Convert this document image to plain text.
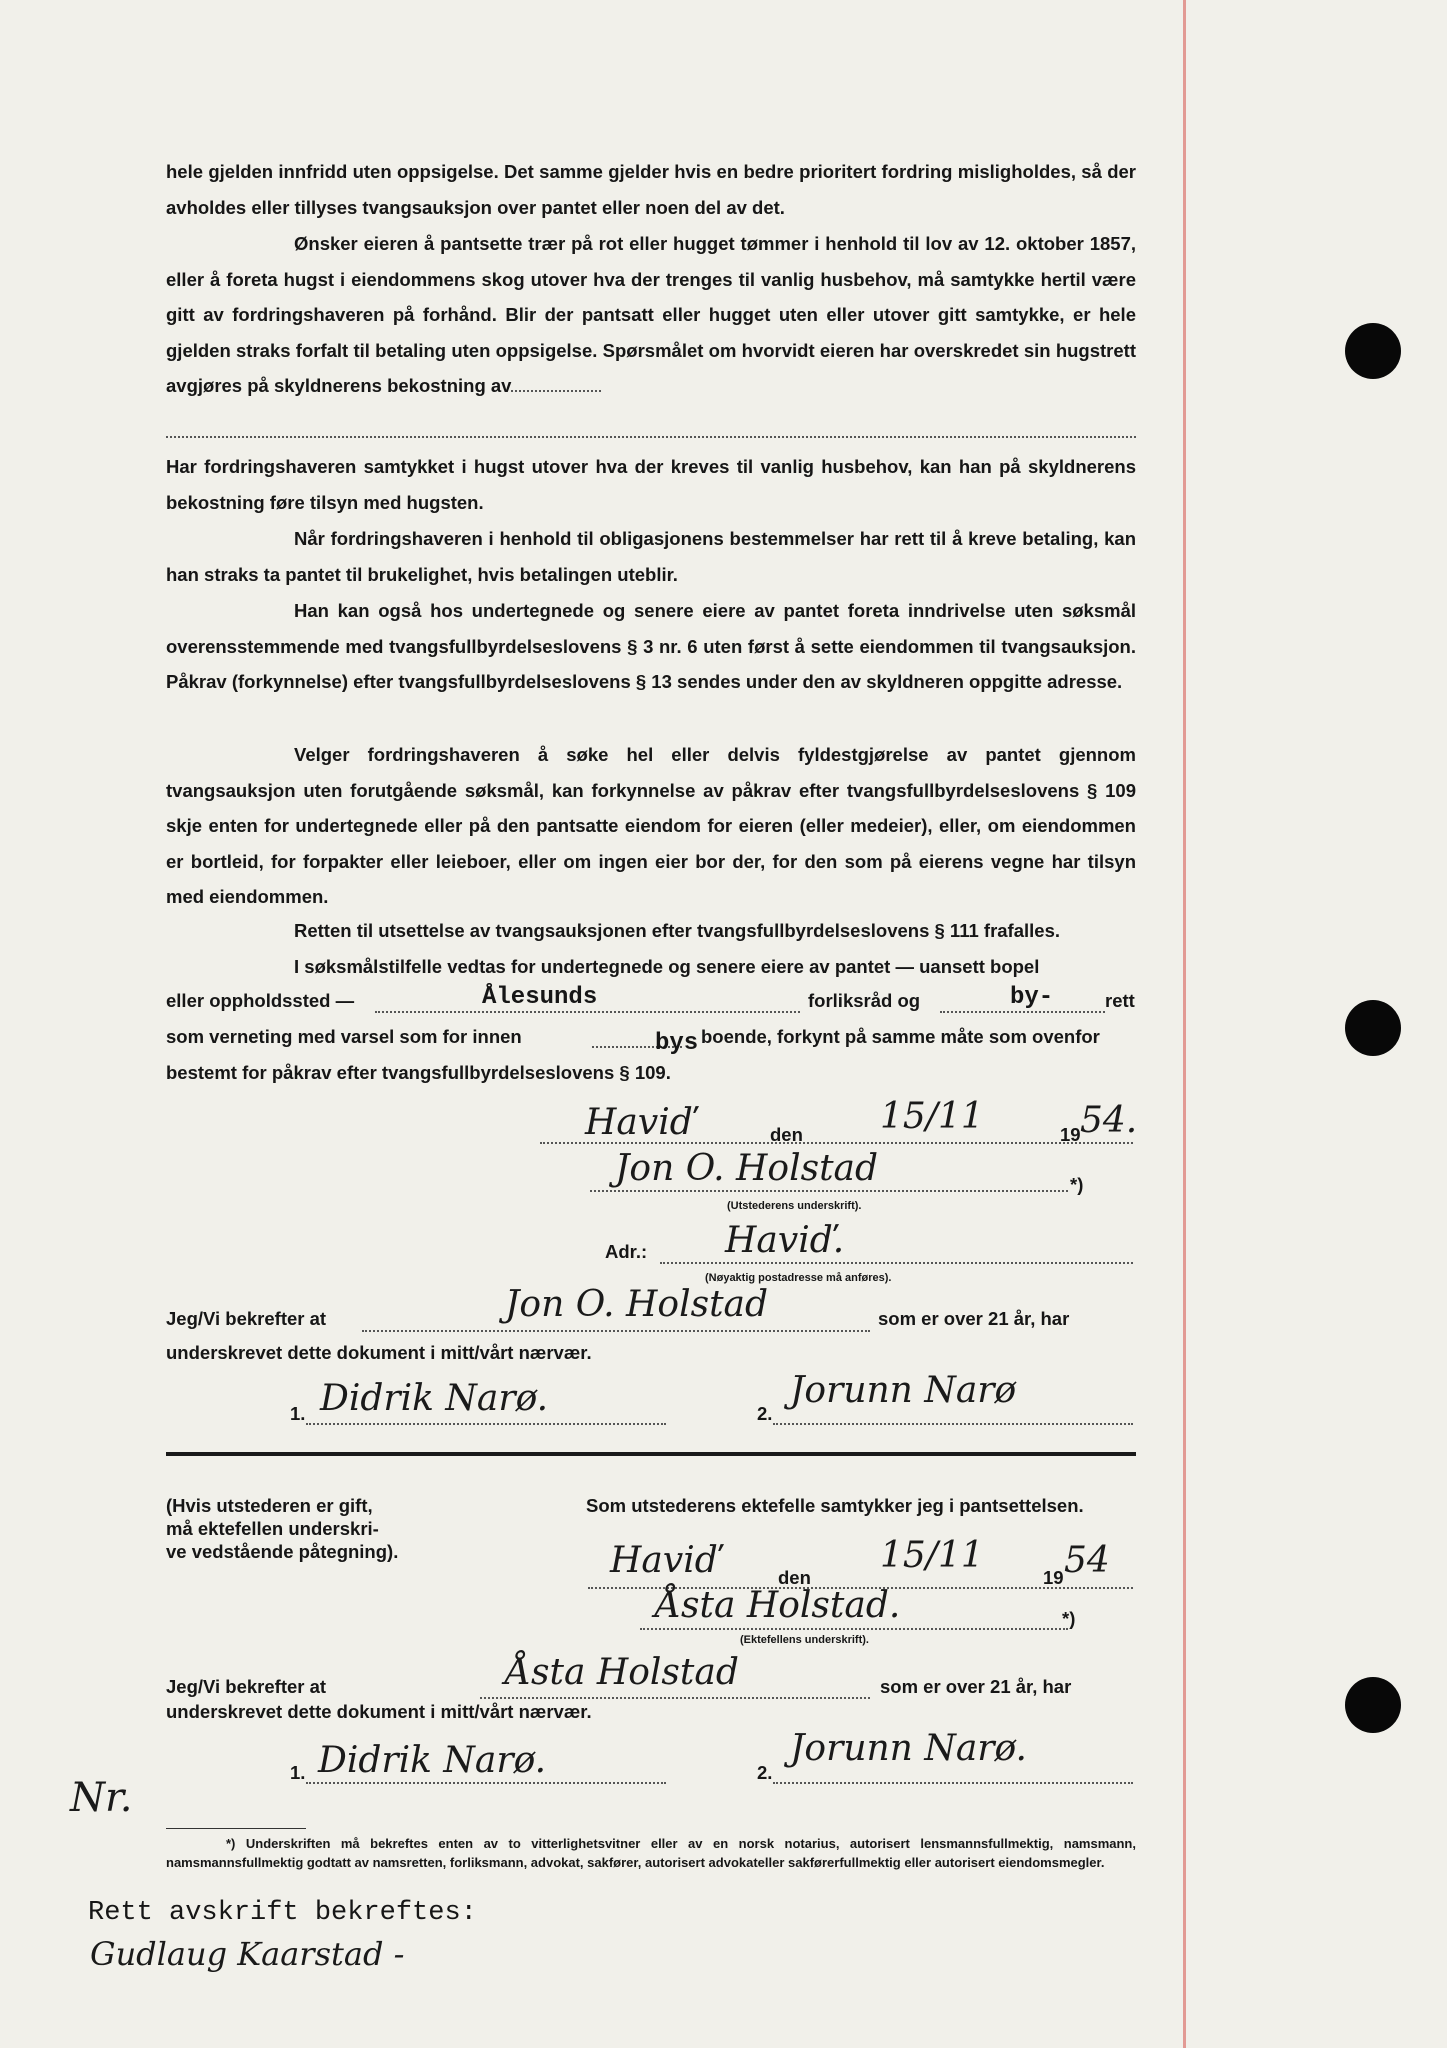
hele gjelden innfridd uten oppsigelse. Det samme gjelder hvis en bedre prioritert fordring misligholdes, så der avholdes eller tillyses tvangsauksjon over pantet eller noen del av det.

Ønsker eieren å pantsette trær på rot eller hugget tømmer i henhold til lov av 12. oktober 1857, eller å foreta hugst i eiendommens skog utover hva der trenges til vanlig husbehov, må samtykke hertil være gitt av fordringshaveren på forhånd. Blir der pantsatt eller hugget uten eller utover gitt samtykke, er hele gjelden straks forfalt til betaling uten oppsigelse. Spørsmålet om hvorvidt eieren har overskredet sin hugstrett avgjøres på skyldnerens bekostning av

Har fordringshaveren samtykket i hugst utover hva der kreves til vanlig husbehov, kan han på skyldnerens bekostning føre tilsyn med hugsten.

Når fordringshaveren i henhold til obligasjonens bestemmelser har rett til å kreve betaling, kan han straks ta pantet til brukelighet, hvis betalingen uteblir.

Han kan også hos undertegnede og senere eiere av pantet foreta inndrivelse uten søksmål overensstemmende med tvangsfullbyrdelseslovens § 3 nr. 6 uten først å sette eiendommen til tvangsauksjon. Påkrav (forkynnelse) efter tvangsfullbyrdelseslovens § 13 sendes under den av skyldneren oppgitte adresse.

Velger fordringshaveren å søke hel eller delvis fyldestgjørelse av pantet gjennom tvangsauksjon uten forutgående søksmål, kan forkynnelse av påkrav efter tvangsfullbyrdelseslovens § 109 skje enten for undertegnede eller på den pantsatte eiendom for eieren (eller medeier), eller, om eiendommen er bortleid, for forpakter eller leieboer, eller om ingen eier bor der, for den som på eierens vegne har tilsyn med eiendommen.

Retten til utsettelse av tvangsauksjonen efter tvangsfullbyrdelseslovens § 111 frafalles.

I søksmålstilfelle vedtas for undertegnede og senere eiere av pantet — uansett bopel

eller oppholdssted —	Ålesunds	forliksråd og	by-	rett
som verneting med varsel som for innen	bys boende, forkynt på samme måte som ovenfor
bestemt for påkrav efter tvangsfullbyrdelseslovens § 109.
Haviď	den 15/11	19 54.
Jon O. Holstad	*)
(Utstederens underskrift).
Adr.: Haviď.
(Nøyaktig postadresse må anføres).
Jeg/Vi bekrefter at	Jon O. Holstad	som er over 21 år, har
underskrevet dette dokument i mitt/vårt nærvær.
1. Didrik Narø.	2.
Jorunn Narø
(Hvis utstederen er gift,
må ektefellen underskri-
ve vedstående påtegning).
Som utstederens ektefelle samtykker jeg i pantsettelsen.
Haviď	den
15/11
19 54
Åsta Holstad.	*)
(Ektefellens underskrift).
Jeg/Vi bekrefter at	Åsta Holstad	som er over 21 år, har
underskrevet dette dokument i mitt/vårt nærvær.
1. Didrik Narø.	2.
Jorunn Narø.
Nr.

*) Underskriften må bekreftes enten av to vitterlighetsvitner eller av en norsk notarius, autorisert lensmannsfullmektig, namsmann, namsmannsfullmektig godtatt av namsretten, forliksmann, advokat, sakfører, autorisert advokateller sakførerfullmektig eller autorisert eiendomsmegler.

Rett avskrift bekreftes:
Gudlaug Kaarstad -
